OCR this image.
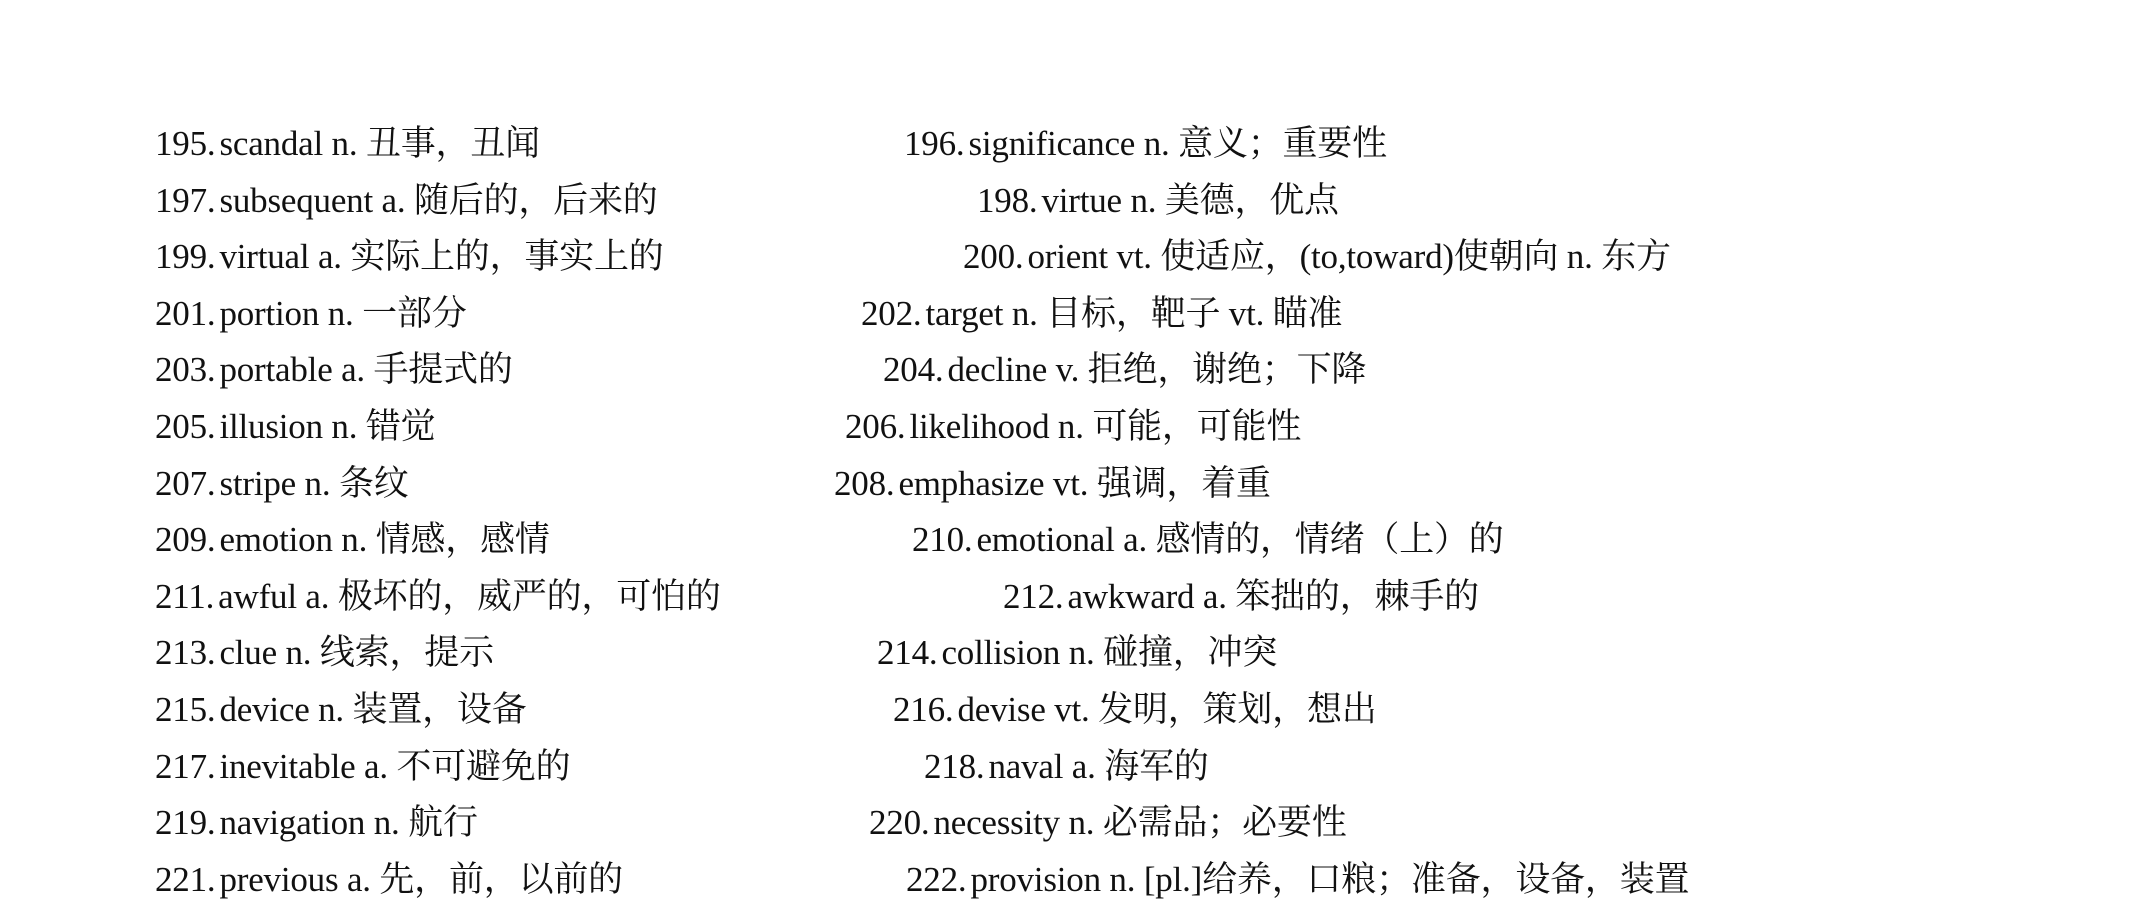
195. scandal n. 丑事，丑闻	196. significance n. 意义；重要性
197. subsequent a. 随后的，后来的	198. virtue n. 美德，优点
199. virtual a. 实际上的，事实上的	200. orient vt. 使适应，(to,toward)使朝向 n. 东方
201. portion n. 一部分	202. target n. 目标，靶子 vt. 瞄准
203. portable a. 手提式的	204. decline v. 拒绝，谢绝；下降
205. illusion n. 错觉	206. likelihood n. 可能，可能性
207. stripe n. 条纹	208. emphasize vt. 强调，着重
209. emotion n. 情感，感情	210. emotional a. 感情的，情绪（上）的
211. awful a. 极坏的，威严的，可怕的	212. awkward a. 笨拙的，棘手的
213. clue n. 线索，提示	214. collision n. 碰撞，冲突
215. device n. 装置，设备	216. devise vt. 发明，策划，想出
217. inevitable a. 不可避免的	218. naval a. 海军的
219. navigation n. 航行	220. necessity n. 必需品；必要性
221. previous a. 先，前，以前的	222. provision n. [pl.]给养，口粮；准备，设备，装置
